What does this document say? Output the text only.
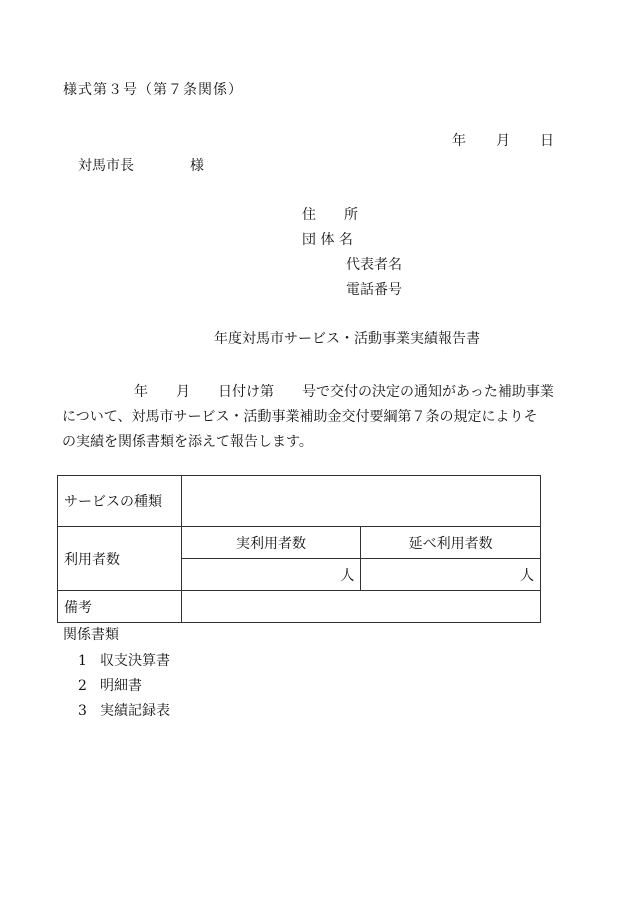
様式第３号（第７条関係）
年 月 日
対馬市長	様
住　　所
団 体 名
代表者名
電話番号
年度対馬市サービス・活動事業実績報告書
年　　月　　日付け第　　号で交付の決定の通知があった補助事業
について、対馬市サービス・活動事業補助金交付要綱第７条の規定によりそ
の実績を関係書類を添えて報告します。
サービスの種類		
利用者数	実利用者数	延べ利用者数
	人	人
備考		
関係書類
1 収支決算書
2 明細書
3 実績記録表
